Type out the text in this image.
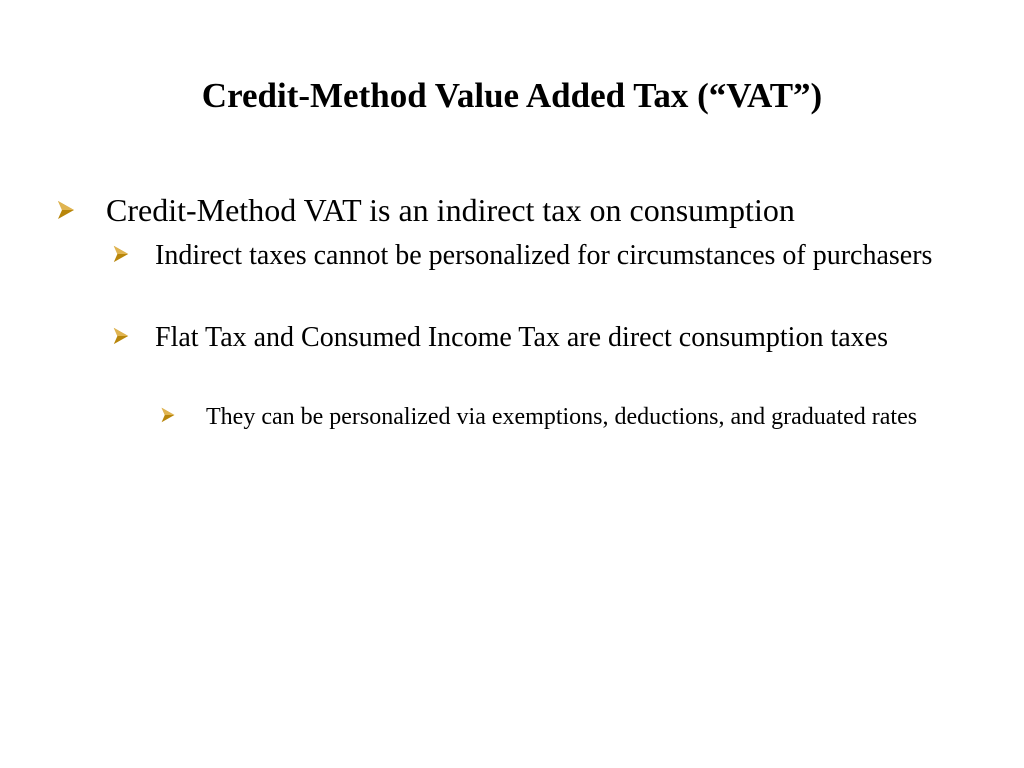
Credit-Method Value Added Tax (“VAT”)
Credit-Method VAT is an indirect tax on consumption
Indirect taxes cannot be personalized for circumstances of purchasers
Flat Tax and Consumed Income Tax are direct consumption taxes
They can be personalized via exemptions, deductions, and graduated rates
